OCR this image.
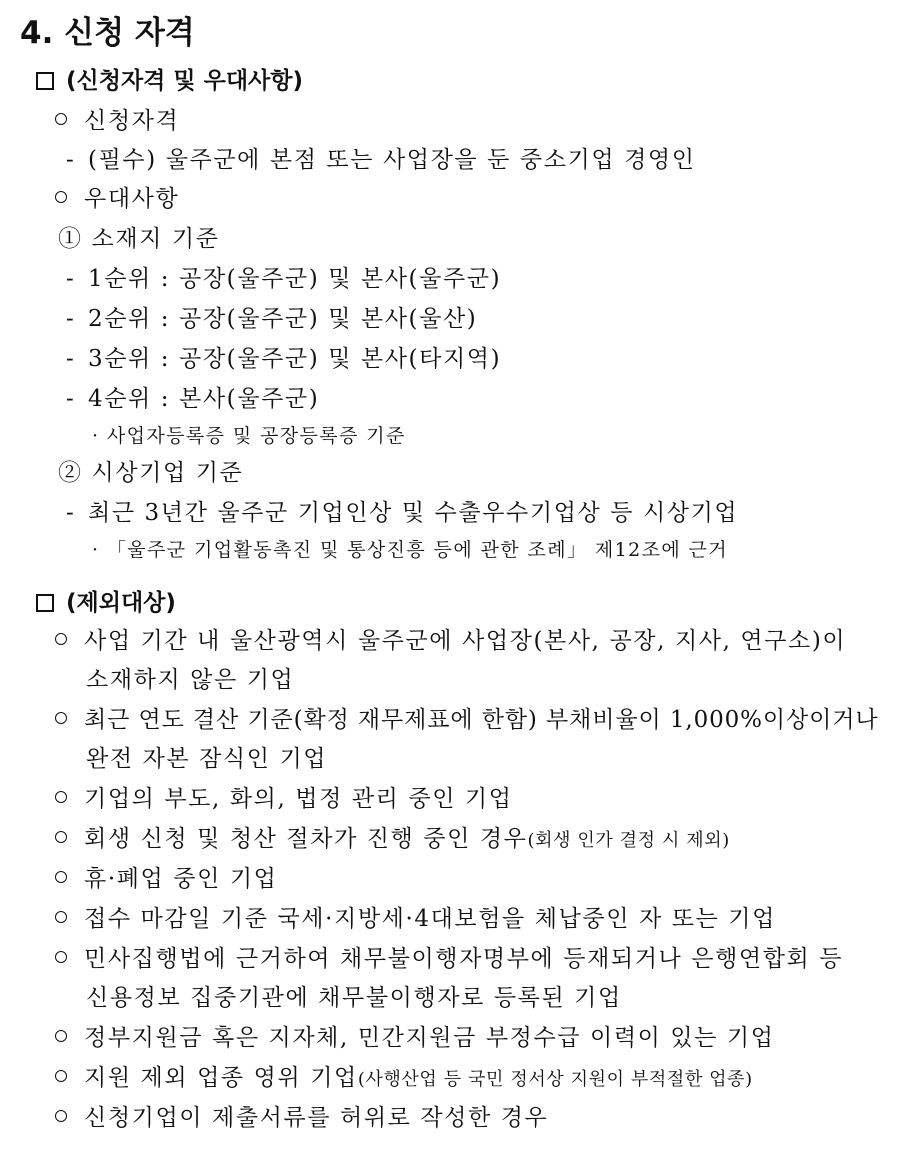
4. 신청 자격
(신청자격 및 우대사항)
신청자격
- (필수) 울주군에 본점 또는 사업장을 둔 중소기업 경영인
우대사항
① 소재지 기준
- 1순위 : 공장(울주군) 및 본사(울주군)
- 2순위 : 공장(울주군) 및 본사(울산)
- 3순위 : 공장(울주군) 및 본사(타지역)
- 4순위 : 본사(울주군)
· 사업자등록증 및 공장등록증 기준
② 시상기업 기준
- 최근 3년간 울주군 기업인상 및 수출우수기업상 등 시상기업
· 「울주군 기업활동촉진 및 통상진흥 등에 관한 조례」 제12조에 근거
(제외대상)
사업 기간 내 울산광역시 울주군에 사업장(본사, 공장, 지사, 연구소)이
소재하지 않은 기업
최근 연도 결산 기준(확정 재무제표에 한함) 부채비율이 1,000%이상이거나
완전 자본 잠식인 기업
기업의 부도, 화의, 법정 관리 중인 기업
회생 신청 및 청산 절차가 진행 중인 경우(회생 인가 결정 시 제외)
휴·폐업 중인 기업
접수 마감일 기준 국세·지방세·4대보험을 체납중인 자 또는 기업
민사집행법에 근거하여 채무불이행자명부에 등재되거나 은행연합회 등
신용정보 집중기관에 채무불이행자로 등록된 기업
정부지원금 혹은 지자체, 민간지원금 부정수급 이력이 있는 기업
지원 제외 업종 영위 기업(사행산업 등 국민 정서상 지원이 부적절한 업종)
신청기업이 제출서류를 허위로 작성한 경우
